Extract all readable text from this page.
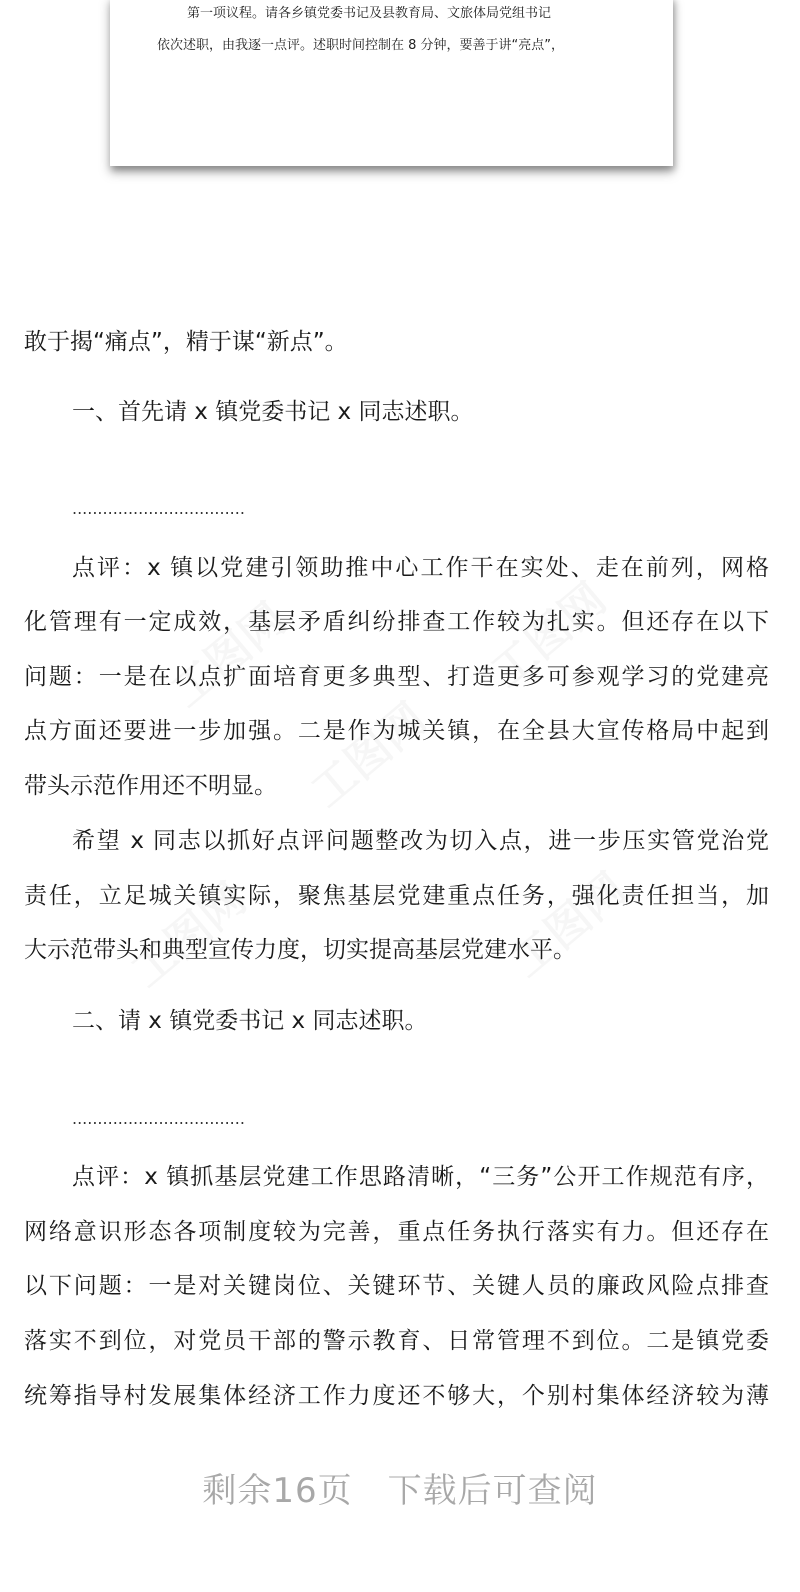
第一项议程。请各乡镇党委书记及县教育局、文旅体局党组书记
依次述职，由我逐一点评。述职时间控制在 8 分钟，要善于讲“亮点”，
敢于揭“痛点”，精于谋“新点”。
一、首先请 x 镇党委书记 x 同志述职。
..................................
点评：x 镇以党建引领助推中心工作干在实处、走在前列，网格
化管理有一定成效，基层矛盾纠纷排查工作较为扎实。但还存在以下
问题：一是在以点扩面培育更多典型、打造更多可参观学习的党建亮
点方面还要进一步加强。二是作为城关镇，在全县大宣传格局中起到
带头示范作用还不明显。
希望 x 同志以抓好点评问题整改为切入点，进一步压实管党治党
责任，立足城关镇实际，聚焦基层党建重点任务，强化责任担当，加
大示范带头和典型宣传力度，切实提高基层党建水平。
二、请 x 镇党委书记 x 同志述职。
..................................
点评：x 镇抓基层党建工作思路清晰，“三务”公开工作规范有序，
网络意识形态各项制度较为完善，重点任务执行落实有力。但还存在
以下问题：一是对关键岗位、关键环节、关键人员的廉政风险点排查
落实不到位，对党员干部的警示教育、日常管理不到位。二是镇党委
统筹指导村发展集体经济工作力度还不够大，个别村集体经济较为薄
剩余16页　下载后可查阅
